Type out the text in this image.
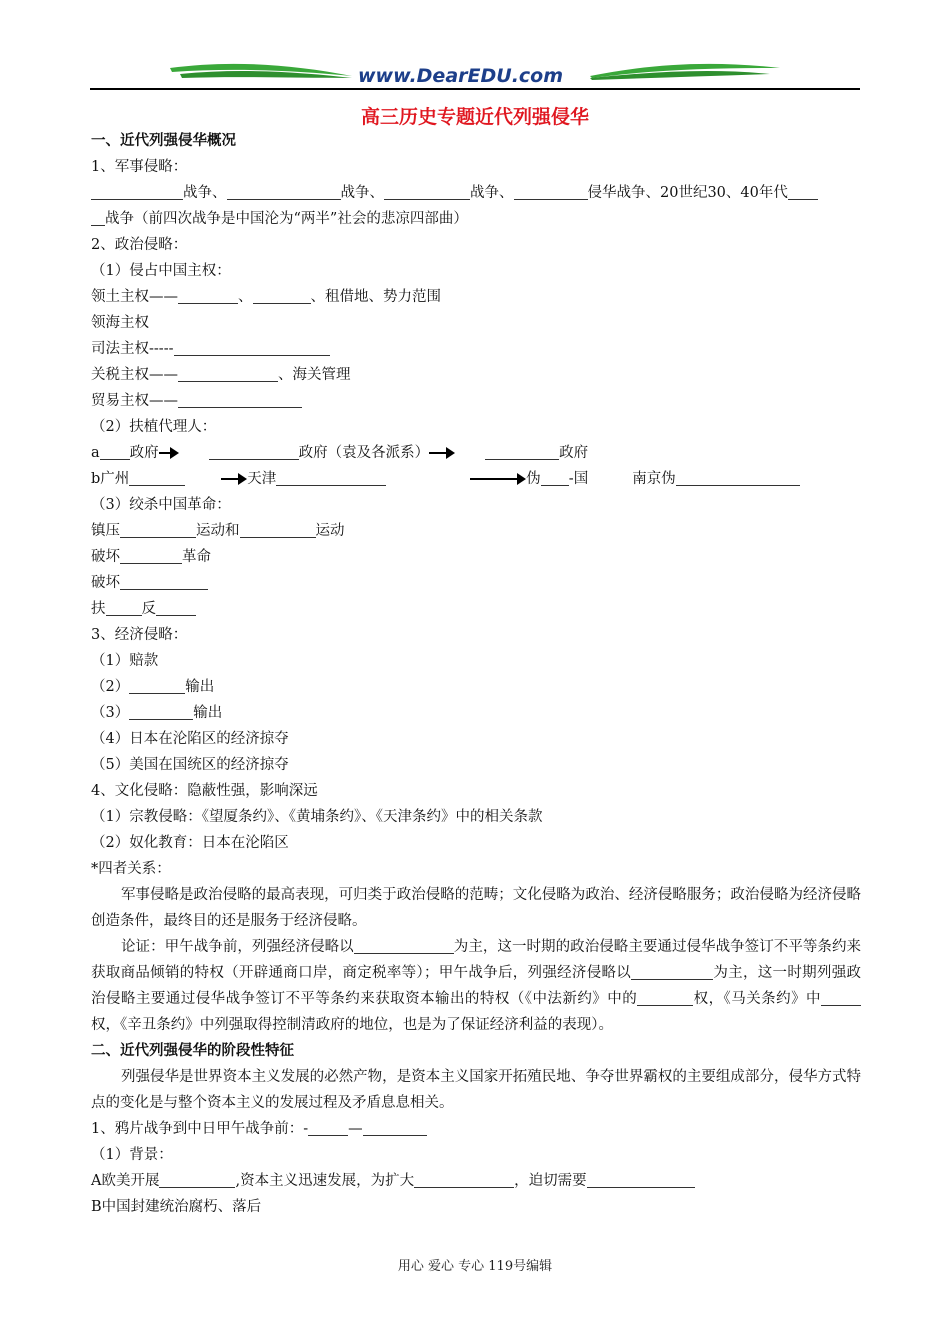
www.DearEDU.com
高三历史专题近代列强侵华
一、近代列强侵华概况
1、军事侵略：
战争、	战争、	战争、	侵华战争、20世纪30、40年代
战争（前四次战争是中国沦为“两半”社会的悲凉四部曲）
2、政治侵略：
（1）侵占中国主权：
领土主权——	、	、租借地、势力范围
领海主权
司法主权-----
关税主权——	、海关管理
贸易主权——
（2）扶植代理人：
a 政府	政府（袁及各派系）	政府
b广州	天津	伪 -国	南京伪
（3）绞杀中国革命：
镇压	运动和	运动
破坏	革命
破坏
扶 反
3、经济侵略：
（1）赔款
（2）	输出
（3）	输出
（4）日本在沦陷区的经济掠夺
（5）美国在国统区的经济掠夺
4、文化侵略：隐蔽性强，影响深远
（1）宗教侵略：《望厦条约》、《黄埔条约》、《天津条约》中的相关条款
（2）奴化教育：日本在沦陷区
*四者关系：
军事侵略是政治侵略的最高表现，可归类于政治侵略的范畴；文化侵略为政治、经济侵略服务；政治侵略为经济侵略创造条件，最终目的还是服务于经济侵略。
论证：甲午战争前，列强经济侵略以	为主，这一时期的政治侵略主要通过侵华战争签订不平等条约来获取商品倾销的特权（开辟通商口岸，商定税率等）；甲午战争后，列强经济侵略以	为主，这一时期列强政治侵略主要通过侵华战争签订不平等条约来获取资本输出的特权（《中法新约》中的	权，《马关条约》中权，《辛丑条约》中列强取得控制清政府的地位，也是为了保证经济利益的表现）。
二、近代列强侵华的阶段性特征
列强侵华是世界资本主义发展的必然产物，是资本主义国家开拓殖民地、争夺世界霸权的主要组成部分，侵华方式特点的变化是与整个资本主义的发展过程及矛盾息息相关。
1、鸦片战争到中日甲午战争前：-	—
（1）背景：
A欧美开展	,资本主义迅速发展，为扩大	，迫切需要
B中国封建统治腐朽、落后
用心 爱心 专心 119号编辑
